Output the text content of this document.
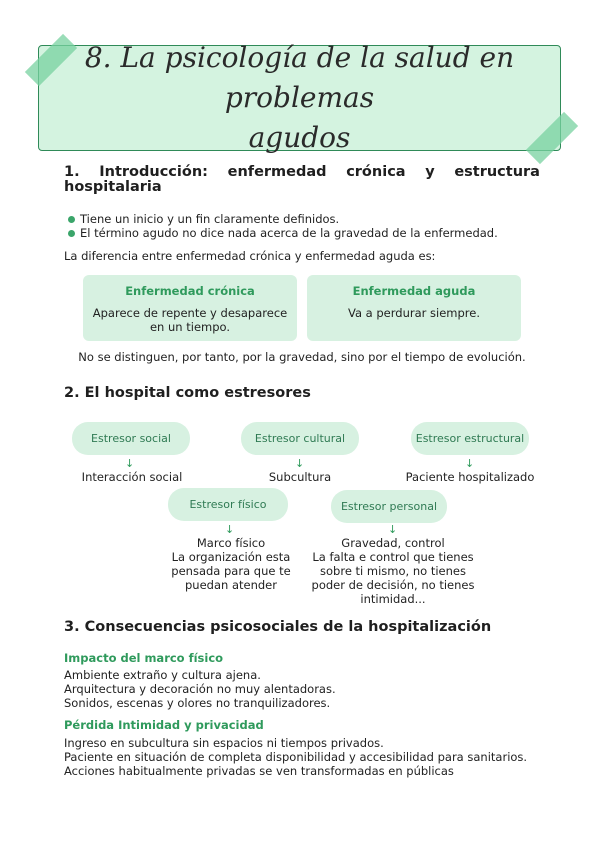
8. La psicología de la salud en problemas
agudos
1. Introducción: enfermedad crónica y estructura
hospitalaria
Tiene un inicio y un fin claramente definidos.
El término agudo no dice nada acerca de la gravedad de la enfermedad.
La diferencia entre enfermedad crónica y enfermedad aguda es:
Enfermedad crónica
Aparece de repente y desaparece
en un tiempo.
Enfermedad aguda
Va a perdurar siempre.
No se distinguen, por tanto, por la gravedad, sino por el tiempo de evolución.
2. El hospital como estresores
Estresor social
↓
Interacción social
Estresor cultural
↓
Subcultura
Estresor estructural
↓
Paciente hospitalizado
Estresor físico
↓
Marco físico
La organización esta
pensada para que te
puedan atender
Estresor personal
↓
Gravedad, control
La falta e control que tienes
sobre ti mismo, no tienes
poder de decisión, no tienes
intimidad...
3. Consecuencias psicosociales de la hospitalización
Impacto del marco físico
Ambiente extraño y cultura ajena.
Arquitectura y decoración no muy alentadoras.
Sonidos, escenas y olores no tranquilizadores.
Pérdida Intimidad y privacidad
Ingreso en subcultura sin espacios ni tiempos privados.
Paciente en situación de completa disponibilidad y accesibilidad para sanitarios.
Acciones habitualmente privadas se ven transformadas en públicas
